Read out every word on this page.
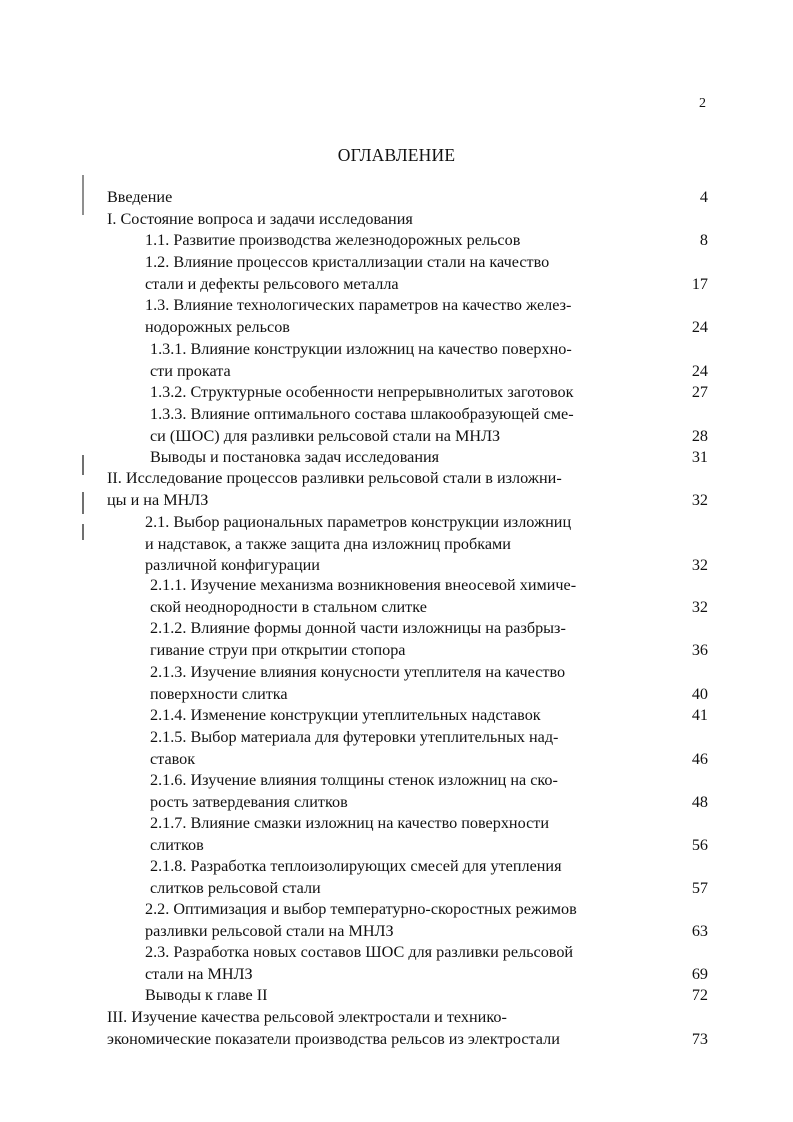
2
ОГЛАВЛЕНИЕ
Введение	4
I. Состояние вопроса и задачи исследования
1.1. Развитие производства железнодорожных рельсов	8
1.2. Влияние процессов кристаллизации стали на качество
стали и дефекты рельсового металла	17
1.3. Влияние технологических параметров на качество желез-
нодорожных рельсов	24
1.3.1. Влияние конструкции изложниц на качество поверхно-
сти проката	24
1.3.2. Структурные особенности непрерывнолитых заготовок	27
1.3.3. Влияние оптимального состава шлакообразующей сме-
си (ШОС) для разливки рельсовой стали на МНЛЗ	28
Выводы и постановка задач исследования	31
II. Исследование процессов разливки рельсовой стали в изложни-
цы и на МНЛЗ	32
2.1. Выбор рациональных параметров конструкции изложниц
и надставок, а также защита дна изложниц пробками
различной конфигурации	32
2.1.1. Изучение механизма возникновения внеосевой химиче-
ской неоднородности в стальном слитке	32
2.1.2. Влияние формы донной части изложницы на разбрыз-
гивание струи при открытии стопора	36
2.1.3. Изучение влияния конусности утеплителя на качество
поверхности слитка	40
2.1.4. Изменение конструкции утеплительных надставок	41
2.1.5. Выбор материала для футеровки утеплительных над-
ставок	46
2.1.6. Изучение влияния толщины стенок изложниц на ско-
рость затвердевания слитков	48
2.1.7. Влияние смазки изложниц на качество поверхности
слитков	56
2.1.8. Разработка теплоизолирующих смесей для утепления
слитков рельсовой стали	57
2.2. Оптимизация и выбор температурно-скоростных режимов
разливки рельсовой стали на МНЛЗ	63
2.3. Разработка новых составов ШОС для разливки рельсовой
стали на МНЛЗ	69
Выводы к главе II	72
III. Изучение качества рельсовой электростали и технико-
экономические показатели производства рельсов из электростали	73
